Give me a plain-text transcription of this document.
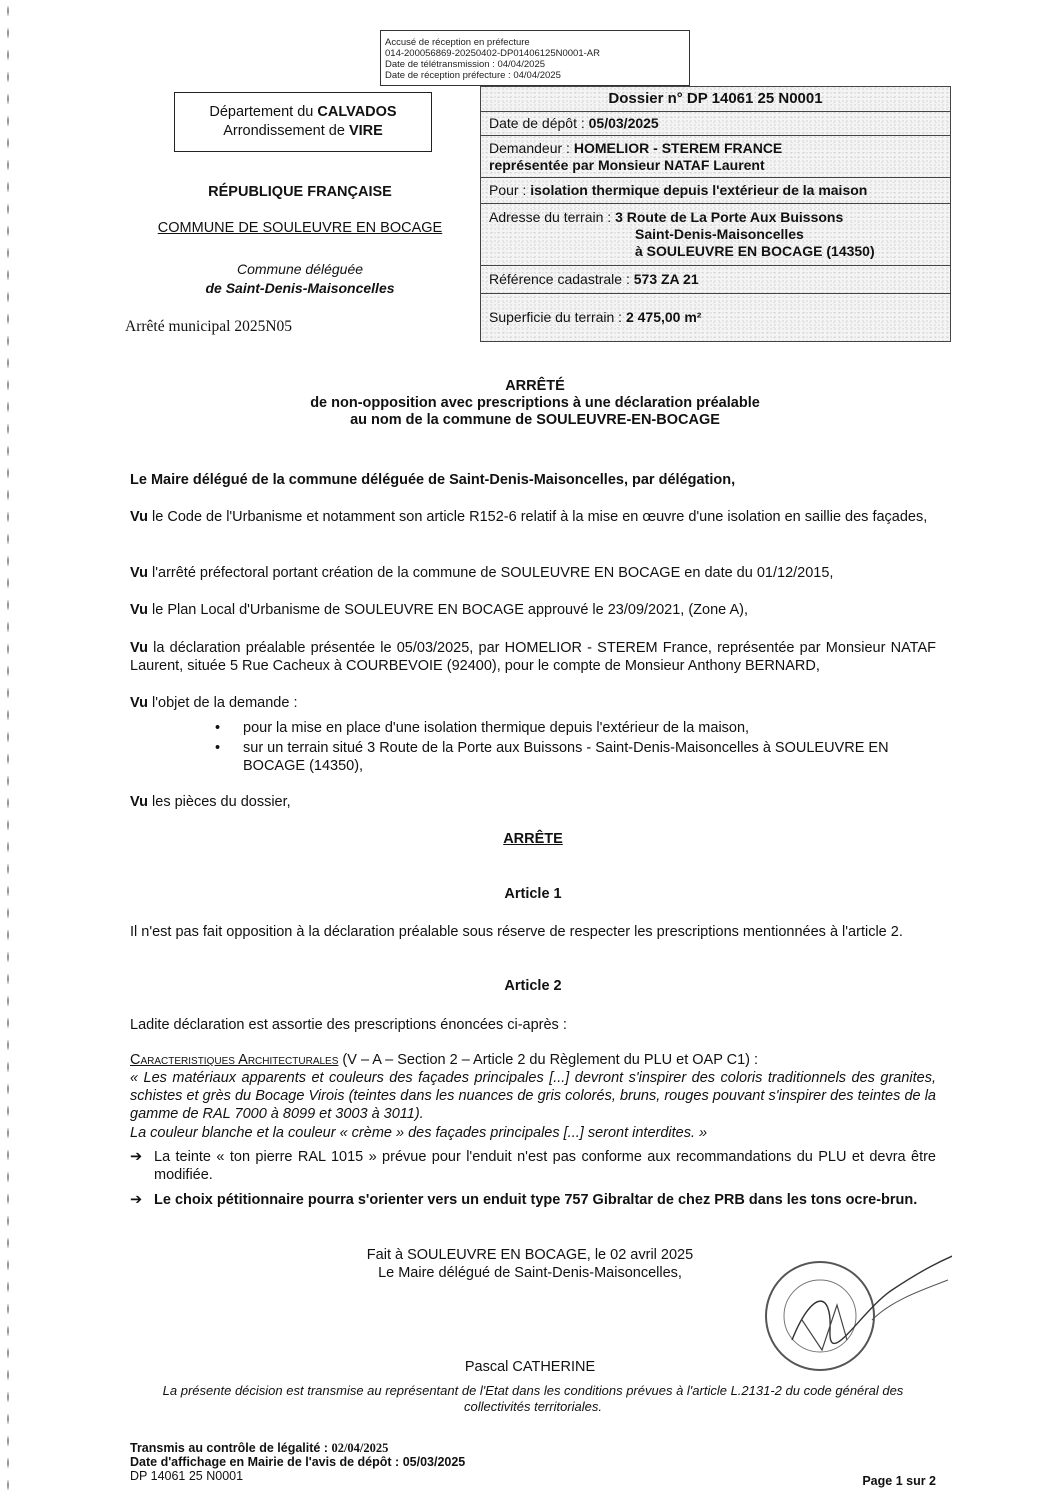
Accusé de réception en préfecture
014-200056869-20250402-DP01406125N0001-AR
Date de télétransmission : 04/04/2025
Date de réception préfecture : 04/04/2025
Département du CALVADOS
Arrondissement de VIRE
RÉPUBLIQUE FRANÇAISE
COMMUNE DE SOULEUVRE EN BOCAGE
Commune déléguée
de Saint-Denis-Maisoncelles
Arrêté municipal 2025N05
Dossier n° DP 14061 25 N0001
Date de dépôt : 05/03/2025
Demandeur : HOMELIOR - STEREM FRANCE
représentée par Monsieur NATAF Laurent
Pour : isolation thermique depuis l'extérieur de la maison
Adresse du terrain : 3 Route de La Porte Aux Buissons
Saint-Denis-Maisoncelles
à SOULEUVRE EN BOCAGE (14350)
Référence cadastrale : 573 ZA 21
Superficie du terrain : 2 475,00 m²
ARRÊTÉ
de non-opposition avec prescriptions à une déclaration préalable
au nom de la commune de SOULEUVRE-EN-BOCAGE
Le Maire délégué de la commune déléguée de Saint-Denis-Maisoncelles, par délégation,
Vu le Code de l'Urbanisme et notamment son article R152-6 relatif à la mise en œuvre d'une isolation en saillie des façades,
Vu l'arrêté préfectoral portant création de la commune de SOULEUVRE EN BOCAGE en date du 01/12/2015,
Vu le Plan Local d'Urbanisme de SOULEUVRE EN BOCAGE approuvé le 23/09/2021, (Zone A),
Vu la déclaration préalable présentée le 05/03/2025, par HOMELIOR - STEREM France, représentée par Monsieur NATAF Laurent, située 5 Rue Cacheux à COURBEVOIE (92400), pour le compte de Monsieur Anthony BERNARD,
Vu l'objet de la demande :
• pour la mise en place d'une isolation thermique depuis l'extérieur de la maison,
• sur un terrain situé 3 Route de la Porte aux Buissons - Saint-Denis-Maisoncelles à SOULEUVRE EN BOCAGE (14350),
Vu les pièces du dossier,
ARRÊTE
Article 1
Il n'est pas fait opposition à la déclaration préalable sous réserve de respecter les prescriptions mentionnées à l'article 2.
Article 2
Ladite déclaration est assortie des prescriptions énoncées ci-après :
Caracteristiques Architecturales (V – A – Section 2 – Article 2 du Règlement du PLU et OAP C1) :
« Les matériaux apparents et couleurs des façades principales [...] devront s'inspirer des coloris traditionnels des granites, schistes et grès du Bocage Virois (teintes dans les nuances de gris colorés, bruns, rouges pouvant s'inspirer des teintes de la gamme de RAL 7000 à 8099 et 3003 à 3011).
La couleur blanche et la couleur « crème » des façades principales [...] seront interdites. »
➔ La teinte « ton pierre RAL 1015 » prévue pour l'enduit n'est pas conforme aux recommandations du PLU et devra être modifiée.
➔ Le choix pétitionnaire pourra s'orienter vers un enduit type 757 Gibraltar de chez PRB dans les tons ocre-brun.
Fait à SOULEUVRE EN BOCAGE, le 02 avril 2025
Le Maire délégué de Saint-Denis-Maisoncelles,
Pascal CATHERINE
La présente décision est transmise au représentant de l'Etat dans les conditions prévues à l'article L.2131-2 du code général des collectivités territoriales.
Transmis au contrôle de légalité : 02/04/2025
Date d'affichage en Mairie de l'avis de dépôt : 05/03/2025
DP 14061 25 N0001	Page 1 sur 2
